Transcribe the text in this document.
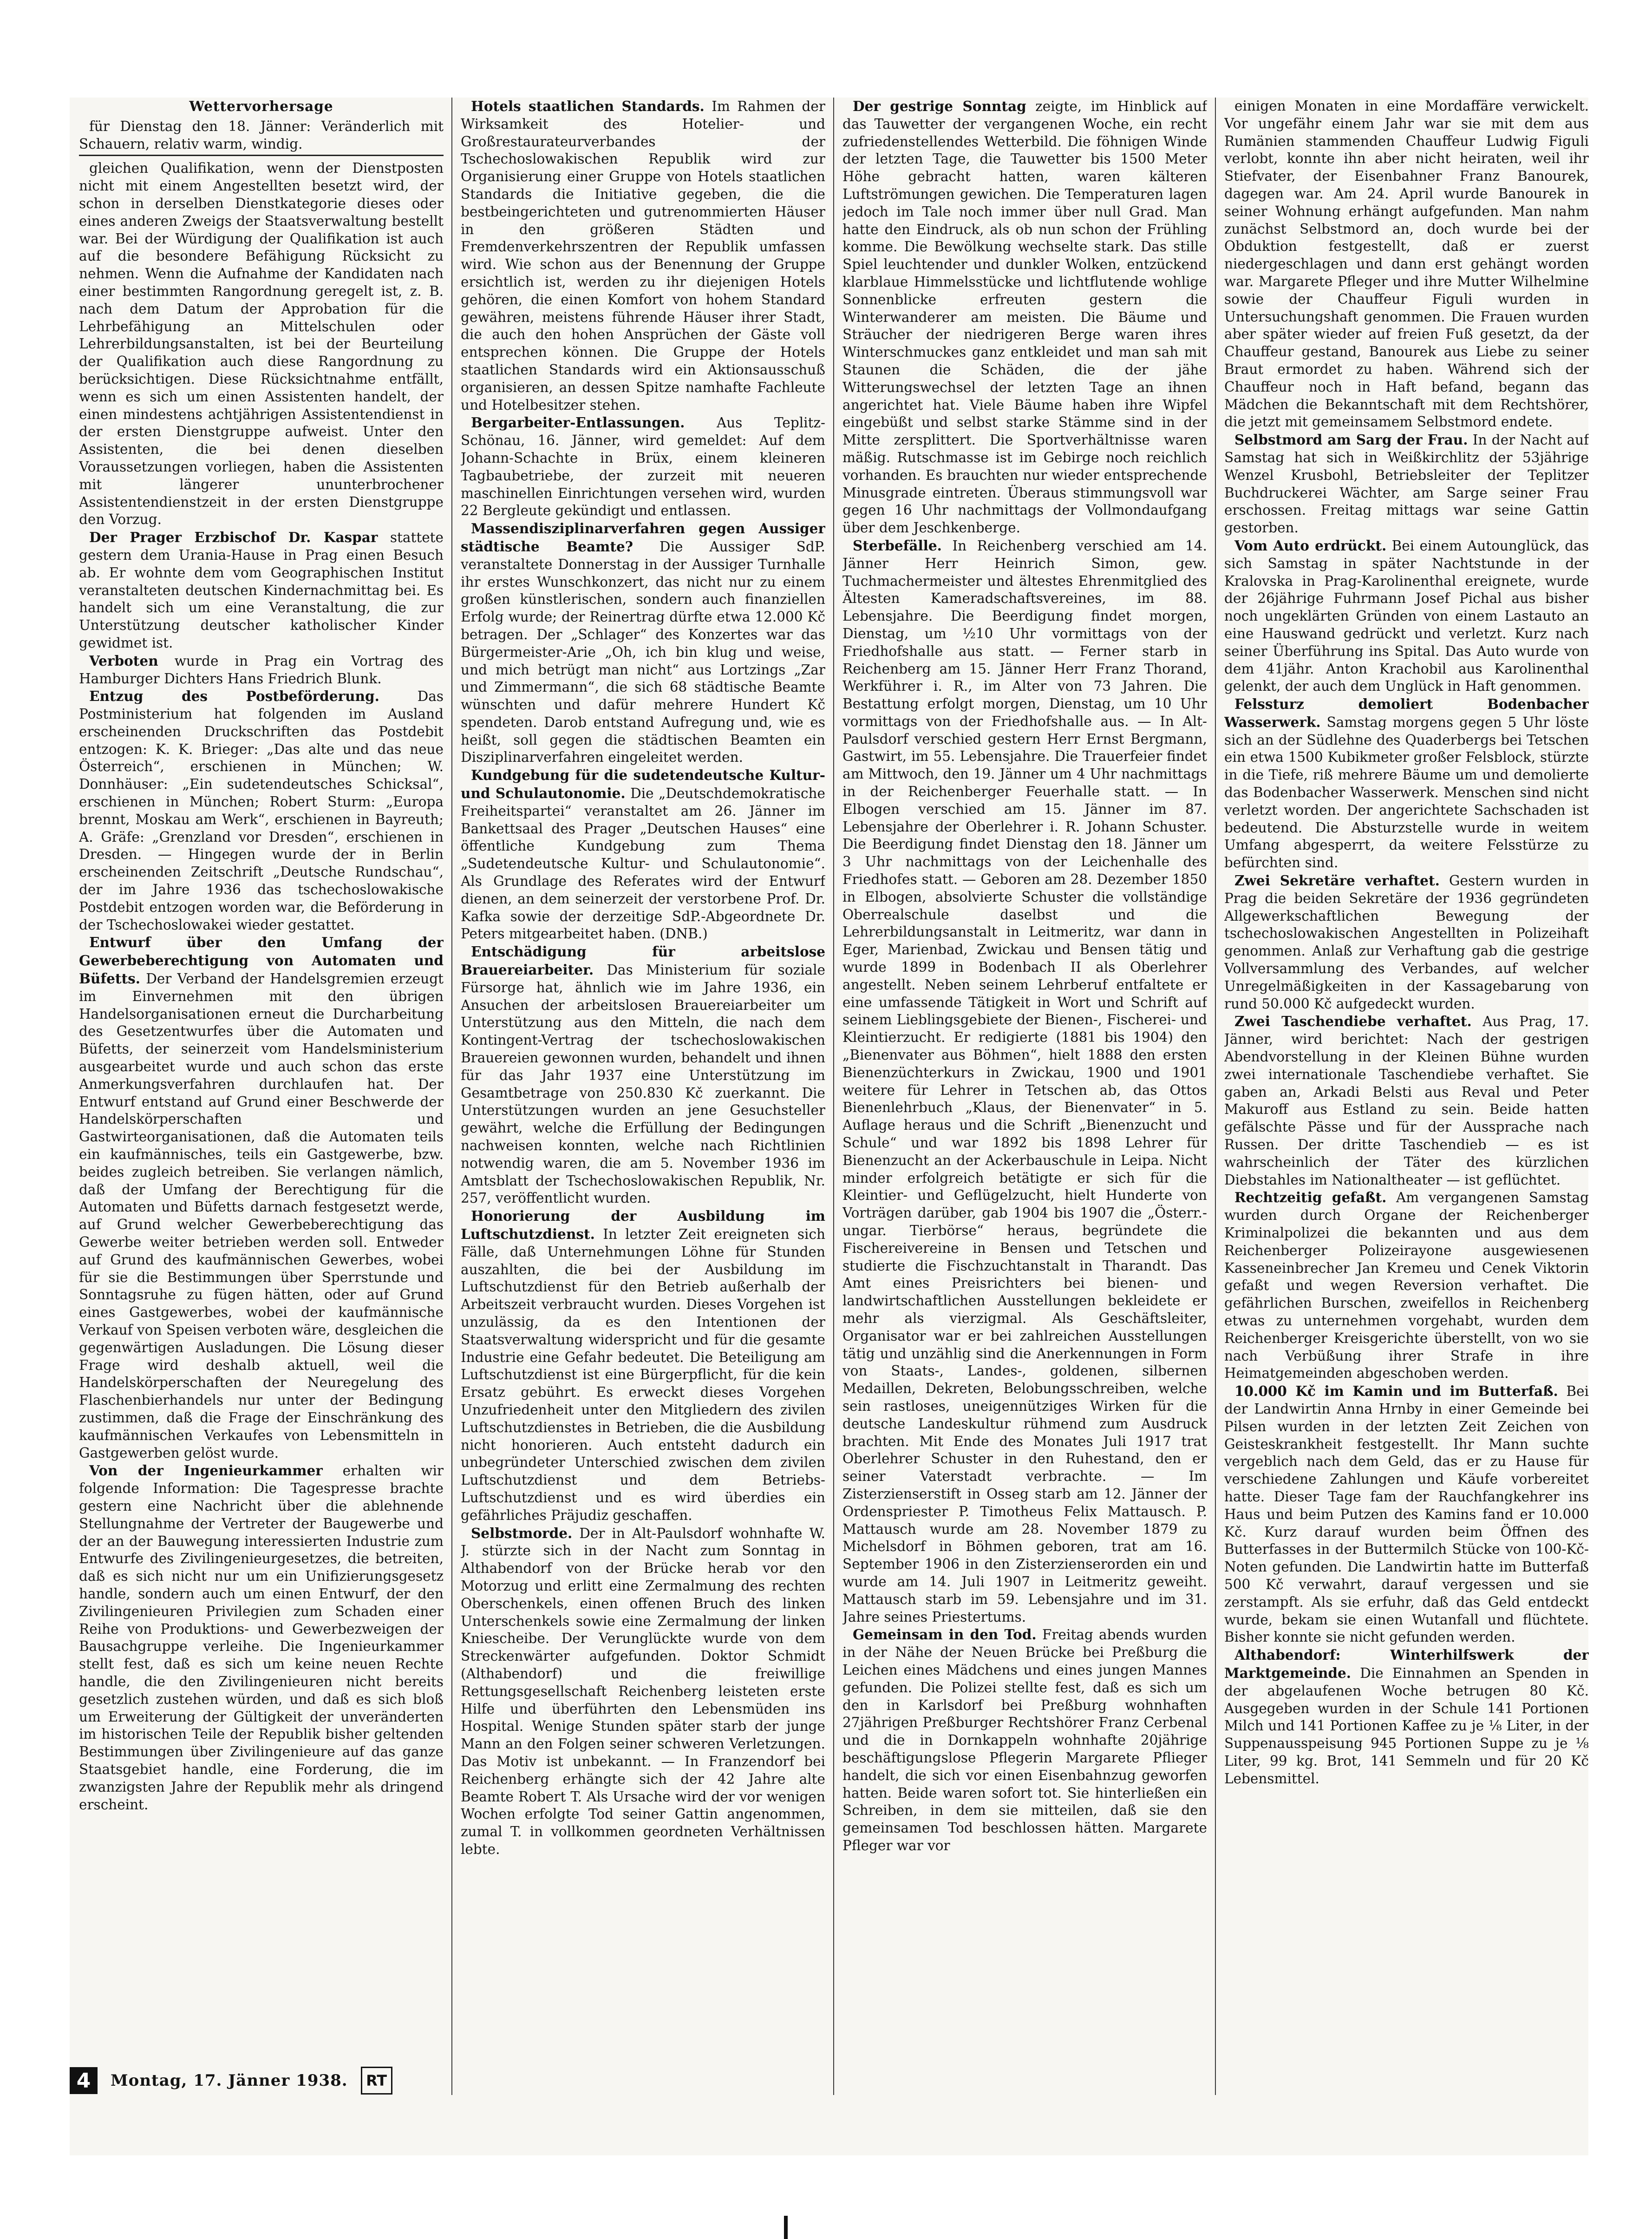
Wettervorhersage

für Dienstag den 18. Jänner: Veränderlich mit Schauern, relativ warm, windig.

gleichen Qualifikation, wenn der Dienstposten nicht mit einem Angestellten besetzt wird, der schon in derselben Dienstkategorie dieses oder eines anderen Zweigs der Staatsverwaltung bestellt war. Bei der Würdigung der Qualifikation ist auch auf die besondere Befähigung Rücksicht zu nehmen. Wenn die Aufnahme der Kandidaten nach einer bestimmten Rangordnung geregelt ist, z. B. nach dem Datum der Approbation für die Lehrbefähigung an Mittelschulen oder Lehrerbildungsanstalten, ist bei der Beurteilung der Qualifikation auch diese Rangordnung zu berücksichtigen. Diese Rücksichtnahme entfällt, wenn es sich um einen Assistenten handelt, der einen mindestens achtjährigen Assistentendienst in der ersten Dienstgruppe aufweist. Unter den Assistenten, die bei denen dieselben Voraussetzungen vorliegen, haben die Assistenten mit längerer ununterbrochener Assistentendienstzeit in der ersten Dienstgruppe den Vorzug.

Der Prager Erzbischof Dr. Kaspar stattete gestern dem Urania-Hause in Prag einen Besuch ab. Er wohnte dem vom Geographischen Institut veranstalteten deutschen Kindernachmittag bei. Es handelt sich um eine Veranstaltung, die zur Unterstützung deutscher katholischer Kinder gewidmet ist.

Verboten wurde in Prag ein Vortrag des Hamburger Dichters Hans Friedrich Blunk.

Entzug des Postbeförderung.	Das Postministerium hat folgenden im Ausland erscheinenden Druckschriften das Postdebit entzogen: K. K. Brieger: „Das alte und das neue Österreich“, erschienen in München; W. Donnhäuser: „Ein sudetendeutsches Schicksal“, erschienen in München; Robert Sturm: „Europa brennt, Moskau am Werk“, erschienen in Bayreuth; A. Gräfe: „Grenzland vor Dresden“, erschienen in Dresden. — Hingegen wurde der in Berlin erscheinenden Zeitschrift „Deutsche Rundschau“, der im Jahre 1936 das tschechoslowakische Postdebit entzogen worden war, die Beförderung in der Tschechoslowakei wieder gestattet.

Entwurf über den Umfang der Gewerbeberechtigung von Automaten und Büfetts. Der Verband der Handelsgremien erzeugt im Einvernehmen mit den übrigen Handelsorganisationen erneut die Durcharbeitung des Gesetzentwurfes über die Automaten und Büfetts, der seinerzeit vom Handelsministerium ausgearbeitet wurde und auch schon das erste Anmerkungsverfahren durchlaufen hat. Der Entwurf entstand auf Grund einer Beschwerde der Handelskörperschaften und Gastwirteorganisationen, daß die Automaten teils ein kaufmännisches, teils ein Gastgewerbe, bzw. beides zugleich betreiben. Sie verlangen nämlich, daß der Umfang der Berechtigung für die Automaten und Büfetts darnach festgesetzt werde, auf Grund welcher Gewerbeberechtigung das Gewerbe weiter betrieben werden soll. Entweder auf Grund des kaufmännischen Gewerbes, wobei für sie die Bestimmungen über Sperrstunde und Sonntagsruhe zu fügen hätten, oder auf Grund eines Gastgewerbes, wobei der kaufmännische Verkauf von Speisen verboten wäre, desgleichen die gegenwärtigen Ausladungen. Die Lösung dieser Frage wird deshalb aktuell, weil die Handelskörperschaften der Neuregelung des Flaschenbierhandels nur unter der Bedingung zustimmen, daß die Frage der Einschränkung des kaufmännischen Verkaufes von Lebensmitteln in Gastgewerben gelöst wurde.

Von der Ingenieurkammer erhalten wir folgende Information: Die Tagespresse brachte gestern eine Nachricht über die ablehnende Stellungnahme der Vertreter der Baugewerbe und der an der Bauwegung interessierten Industrie zum Entwurfe des Zivilingenieurgesetzes, die betreiten, daß es sich nicht nur um ein Unifizierungsgesetz handle, sondern auch um einen Entwurf, der den Zivilingenieuren Privilegien zum Schaden einer Reihe von Produktions- und Gewerbezweigen der Bausachgruppe verleihe. Die Ingenieurkammer stellt fest, daß es sich um keine neuen Rechte handle, die den Zivilingenieuren nicht bereits gesetzlich zustehen würden, und daß es sich bloß um Erweiterung der Gültigkeit der unveränderten im historischen Teile der Republik bisher geltenden Bestimmungen über Zivilingenieure auf das ganze Staatsgebiet handle, eine Forderung, die im zwanzigsten Jahre der Republik mehr als dringend erscheint.

Hotels staatlichen Standards. Im Rahmen der Wirksamkeit des Hotelier- und Großrestaurateurverbandes der Tschechoslowakischen Republik wird zur Organisierung einer Gruppe von Hotels staatlichen Standards die Initiative gegeben, die die bestbeingerichteten und gutrenommierten Häuser in den größeren Städten und Fremdenverkehrszentren der Republik umfassen wird. Wie schon aus der Benennung der Gruppe ersichtlich ist, werden zu ihr diejenigen Hotels gehören, die einen Komfort von hohem Standard gewähren, meistens führende Häuser ihrer Stadt, die auch den hohen Ansprüchen der Gäste voll entsprechen können. Die Gruppe der Hotels staatlichen Standards wird ein Aktionsausschuß organisieren, an dessen Spitze namhafte Fachleute und Hotelbesitzer stehen.

Bergarbeiter-Entlassungen. Aus Teplitz-Schönau, 16. Jänner, wird gemeldet: Auf dem Johann-Schachte in Brüx, einem kleineren Tagbaubetriebe, der zurzeit mit neueren maschinellen Einrichtungen versehen wird, wurden 22 Bergleute gekündigt und entlassen.

Massendisziplinarverfahren gegen Aussiger städtische Beamte? Die Aussiger SdP. veranstaltete Donnerstag in der Aussiger Turnhalle ihr erstes Wunschkonzert, das nicht nur zu einem großen künstlerischen, sondern auch finanziellen Erfolg wurde; der Reinertrag dürfte etwa 12.000 Kč betragen. Der „Schlager“ des Konzertes war das Bürgermeister-Arie „Oh, ich bin klug und weise, und mich betrügt man nicht“ aus Lortzings „Zar und Zimmermann“, die sich 68 städtische Beamte wünschten und dafür mehrere Hundert Kč spendeten. Darob entstand Aufregung und, wie es heißt, soll gegen die städtischen Beamten ein Disziplinarverfahren eingeleitet werden.

Kundgebung für die sudetendeutsche Kultur- und Schulautonomie. Die „Deutschdemokratische Freiheitspartei“ veranstaltet am 26. Jänner im Bankettsaal des Prager „Deutschen Hauses“ eine öffentliche Kundgebung zum Thema „Sudetendeutsche Kultur- und Schulautonomie“. Als Grundlage des Referates wird der Entwurf dienen, an dem seinerzeit der verstorbene Prof. Dr. Kafka sowie der derzeitige SdP.-Abgeordnete Dr. Peters mitgearbeitet haben. (DNB.)

Entschädigung für arbeitslose Brauereiarbeiter. Das Ministerium für soziale Fürsorge hat, ähnlich wie im Jahre 1936, ein Ansuchen der arbeitslosen Brauereiarbeiter um Unterstützung aus den Mitteln, die nach dem Kontingent-Vertrag der tschechoslowakischen Brauereien gewonnen wurden, behandelt und ihnen für das Jahr 1937 eine Unterstützung im Gesamtbetrage von 250.830 Kč zuerkannt. Die Unterstützungen wurden an jene Gesuchsteller gewährt, welche die Erfüllung der Bedingungen nachweisen konnten, welche nach Richtlinien notwendig waren, die am 5. November 1936 im Amtsblatt der Tschechoslowakischen Republik, Nr. 257, veröffentlicht wurden.

Honorierung der Ausbildung im Luftschutzdienst. In letzter Zeit ereigneten sich Fälle, daß Unternehmungen Löhne für Stunden auszahlten, die bei der Ausbildung im Luftschutzdienst für den Betrieb außerhalb der Arbeitszeit verbraucht wurden. Dieses Vorgehen ist unzulässig, da es den Intentionen der Staatsverwaltung widerspricht und für die gesamte Industrie eine Gefahr bedeutet. Die Beteiligung am Luftschutzdienst ist eine Bürgerpflicht, für die kein Ersatz gebührt. Es erweckt dieses Vorgehen Unzufriedenheit unter den Mitgliedern des zivilen Luftschutzdienstes in Betrieben, die die Ausbildung nicht honorieren. Auch entsteht dadurch ein unbegründeter Unterschied zwischen dem zivilen Luftschutzdienst und dem Betriebs-Luftschutzdienst und es wird überdies ein gefährliches Präjudiz geschaffen.

Selbstmorde. Der in Alt-Paulsdorf wohnhafte W. J. stürzte sich in der Nacht zum Sonntag in Althabendorf von der Brücke herab vor den Motorzug und erlitt eine Zermalmung des rechten Oberschenkels, einen offenen Bruch des linken Unterschenkels sowie eine Zermalmung der linken Kniescheibe. Der Verunglückte wurde von dem Streckenwärter aufgefunden. Doktor Schmidt (Althabendorf) und die freiwillige Rettungsgesellschaft Reichenberg leisteten erste Hilfe und überführten den Lebensmüden ins Hospital. Wenige Stunden später starb der junge Mann an den Folgen seiner schweren Verletzungen. Das Motiv ist unbekannt. — In Franzendorf bei Reichenberg erhängte sich der 42 Jahre alte Beamte Robert T. Als Ursache wird der vor wenigen Wochen erfolgte Tod seiner Gattin angenommen, zumal T. in vollkommen geordneten Verhältnissen lebte.

Der gestrige Sonntag zeigte, im Hinblick auf das Tauwetter der vergangenen Woche, ein recht zufriedenstellendes Wetterbild. Die föhnigen Winde der letzten Tage, die Tauwetter bis 1500 Meter Höhe gebracht hatten, waren kälteren Luftströmungen gewichen. Die Temperaturen lagen jedoch im Tale noch immer über null Grad. Man hatte den Eindruck, als ob nun schon der Frühling komme. Die Bewölkung wechselte stark. Das stille Spiel leuchtender und dunkler Wolken, entzückend klarblaue Himmelsstücke und lichtflutende wohlige Sonnenblicke erfreuten gestern die Winterwanderer am meisten. Die Bäume und Sträucher der niedrigeren Berge waren ihres Winterschmuckes ganz entkleidet und man sah mit Staunen die Schäden, die der jähe Witterungswechsel der letzten Tage an ihnen angerichtet hat. Viele Bäume haben ihre Wipfel eingebüßt und selbst starke Stämme sind in der Mitte zersplittert. Die Sportverhältnisse waren mäßig. Rutschmasse ist im Gebirge noch reichlich vorhanden. Es brauchten nur wieder entsprechende Minusgrade eintreten. Überaus stimmungsvoll war gegen 16 Uhr nachmittags der Vollmondaufgang über dem Jeschkenberge.

Sterbefälle. In Reichenberg verschied am 14. Jänner Herr Heinrich Simon, gew. Tuchmachermeister und ältestes Ehrenmitglied des Ältesten Kameradschaftsvereines, im 88. Lebensjahre. Die Beerdigung findet morgen, Dienstag, um ½10 Uhr vormittags von der Friedhofshalle aus statt. — Ferner starb in Reichenberg am 15. Jänner Herr Franz Thorand, Werkführer i. R., im Alter von 73 Jahren. Die Bestattung erfolgt morgen, Dienstag, um 10 Uhr vormittags von der Friedhofshalle aus. — In Alt-Paulsdorf verschied gestern Herr Ernst Bergmann, Gastwirt, im 55. Lebensjahre. Die Trauerfeier findet am Mittwoch, den 19. Jänner um 4 Uhr nachmittags in der Reichenberger Feuerhalle statt. — In Elbogen verschied am 15. Jänner im 87. Lebensjahre der Oberlehrer i. R. Johann Schuster. Die Beerdigung findet Dienstag den 18. Jänner um 3 Uhr nachmittags von der Leichenhalle des Friedhofes statt. — Geboren am 28. Dezember 1850 in Elbogen, absolvierte Schuster die vollständige Oberrealschule daselbst und die Lehrerbildungsanstalt in Leitmeritz, war dann in Eger, Marienbad, Zwickau und Bensen tätig und wurde 1899 in Bodenbach II als Oberlehrer angestellt. Neben seinem Lehrberuf entfaltete er eine umfassende Tätigkeit in Wort und Schrift auf seinem Lieblingsgebiete der Bienen-, Fischerei- und Kleintierzucht. Er redigierte (1881 bis 1904) den „Bienenvater aus Böhmen“, hielt 1888 den ersten Bienenzüchterkurs in Zwickau, 1900 und 1901 weitere für Lehrer in Tetschen ab, das Ottos Bienenlehrbuch „Klaus, der Bienenvater“ in 5. Auflage heraus und die Schrift „Bienenzucht und Schule“ und war 1892 bis 1898 Lehrer für Bienenzucht an der Ackerbauschule in Leipa. Nicht minder erfolgreich betätigte er sich für die Kleintier- und Geflügelzucht, hielt Hunderte von Vorträgen darüber, gab 1904 bis 1907 die „Österr.-ungar. Tierbörse“ heraus, begründete die Fischereivereine in Bensen und Tetschen und studierte die Fischzuchtanstalt in Tharandt. Das Amt eines Preisrichters bei bienen- und landwirtschaftlichen Ausstellungen bekleidete er mehr als vierzigmal. Als Geschäftsleiter, Organisator war er bei zahlreichen Ausstellungen tätig und unzählig sind die Anerkennungen in Form von Staats-, Landes-, goldenen, silbernen Medaillen, Dekreten, Belobungsschreiben, welche sein rastloses, uneigennütziges Wirken für die deutsche Landeskultur rühmend zum Ausdruck brachten. Mit Ende des Monates Juli 1917 trat Oberlehrer Schuster in den Ruhestand, den er seiner Vaterstadt verbrachte. — Im Zisterzienserstift in Osseg starb am 12. Jänner der Ordenspriester P. Timotheus Felix Mattausch. P. Mattausch wurde am 28. November 1879 zu Michelsdorf in Böhmen geboren, trat am 16. September 1906 in den Zisterzienserorden ein und wurde am 14. Juli 1907 in Leitmeritz geweiht. Mattausch starb im 59. Lebensjahre und im 31. Jahre seines Priestertums.

Gemeinsam in den Tod. Freitag abends wurden in der Nähe der Neuen Brücke bei Preßburg die Leichen eines Mädchens und eines jungen Mannes gefunden. Die Polizei stellte fest, daß es sich um den in Karlsdorf bei Preßburg wohnhaften 27jährigen Preßburger Rechtshörer Franz Cerbenal und die in Dornkappeln wohnhafte 20jährige beschäftigungslose Pflegerin Margarete Pflieger handelt, die sich vor einen Eisenbahnzug geworfen hatten. Beide waren sofort tot. Sie hinterließen ein Schreiben, in dem sie mitteilen, daß sie den gemeinsamen Tod beschlossen hätten. Margarete Pfleger war vor

einigen Monaten in eine Mordaffäre verwickelt. Vor ungefähr einem Jahr war sie mit dem aus Rumänien stammenden Chauffeur Ludwig Figuli verlobt, konnte ihn aber nicht heiraten, weil ihr Stiefvater, der Eisenbahner Franz Banourek, dagegen war. Am 24. April wurde Banourek in seiner Wohnung erhängt aufgefunden. Man nahm zunächst Selbstmord an, doch wurde bei der Obduktion festgestellt, daß er zuerst niedergeschlagen und dann erst gehängt worden war. Margarete Pfleger und ihre Mutter Wilhelmine sowie der Chauffeur Figuli wurden in Untersuchungshaft genommen. Die Frauen wurden aber später wieder auf freien Fuß gesetzt, da der Chauffeur gestand, Banourek aus Liebe zu seiner Braut ermordet zu haben. Während sich der Chauffeur noch in Haft befand, begann das Mädchen die Bekanntschaft mit dem Rechtshörer, die jetzt mit gemeinsamem Selbstmord endete.

Selbstmord am Sarg der Frau. In der Nacht auf Samstag hat sich in Weißkirchlitz der 53jährige Wenzel Krusbohl, Betriebsleiter der Teplitzer Buchdruckerei Wächter, am Sarge seiner Frau erschossen. Freitag mittags war seine Gattin gestorben.

Vom Auto erdrückt. Bei einem Autounglück, das sich Samstag in später Nachtstunde in der Kralovska in Prag-Karolinenthal ereignete, wurde der 26jährige Fuhrmann Josef Pichal aus bisher noch ungeklärten Gründen von einem Lastauto an eine Hauswand gedrückt und verletzt. Kurz nach seiner Überführung ins Spital. Das Auto wurde von dem 41jähr. Anton Krachobil aus Karolinenthal gelenkt, der auch dem Unglück in Haft genommen.

Felssturz demoliert Bodenbacher Wasserwerk. Samstag morgens gegen 5 Uhr löste sich an der Südlehne des Quaderbergs bei Tetschen ein etwa 1500 Kubikmeter großer Felsblock, stürzte in die Tiefe, riß mehrere Bäume um und demolierte das Bodenbacher Wasserwerk. Menschen sind nicht verletzt worden. Der angerichtete Sachschaden ist bedeutend. Die Absturzstelle wurde in weitem Umfang abgesperrt, da weitere Felsstürze zu befürchten sind.

Zwei Sekretäre verhaftet. Gestern wurden in Prag die beiden Sekretäre der 1936 gegründeten Allgewerkschaftlichen Bewegung der tschechoslowakischen Angestellten in Polizeihaft genommen. Anlaß zur Verhaftung gab die gestrige Vollversammlung des Verbandes, auf welcher Unregelmäßigkeiten in der Kassagebarung von rund 50.000 Kč aufgedeckt wurden.

Zwei Taschendiebe verhaftet. Aus Prag, 17. Jänner, wird berichtet: Nach der gestrigen Abendvorstellung in der Kleinen Bühne wurden zwei internationale Taschendiebe verhaftet. Sie gaben an, Arkadi Belsti aus Reval und Peter Makuroff aus Estland zu sein. Beide hatten gefälschte Pässe und für der Aussprache nach Russen. Der dritte Taschendieb — es ist wahrscheinlich der Täter des kürzlichen Diebstahles im Nationaltheater — ist geflüchtet.

Rechtzeitig gefaßt. Am vergangenen Samstag wurden durch Organe der Reichenberger Kriminalpolizei die bekannten und aus dem Reichenberger Polizeirayone ausgewiesenen Kasseneinbrecher Jan Kremeu und Cenek Viktorin gefaßt und wegen Reversion verhaftet. Die gefährlichen Burschen, zweifellos in Reichenberg etwas zu unternehmen vorgehabt, wurden dem Reichenberger Kreisgerichte überstellt, von wo sie nach Verbüßung ihrer Strafe in ihre Heimatgemeinden abgeschoben werden.

10.000 Kč im Kamin und im Butterfaß. Bei der Landwirtin Anna Hrnby in einer Gemeinde bei Pilsen wurden in der letzten Zeit Zeichen von Geisteskrankheit festgestellt. Ihr Mann suchte vergeblich nach dem Geld, das er zu Hause für verschiedene Zahlungen und Käufe vorbereitet hatte. Dieser Tage fam der Rauchfangkehrer ins Haus und beim Putzen des Kamins fand er 10.000 Kč. Kurz darauf wurden beim Öffnen des Butterfasses in der Buttermilch Stücke von 100-Kč-Noten gefunden. Die Landwirtin hatte im Butterfaß 500 Kč verwahrt, darauf vergessen und sie zerstampft. Als sie erfuhr, daß das Geld entdeckt wurde, bekam sie einen Wutanfall und flüchtete. Bisher konnte sie nicht gefunden werden.

Althabendorf: Winterhilfswerk der Marktgemeinde. Die Einnahmen an Spenden in der abgelaufenen Woche betrugen 80 Kč. Ausgegeben wurden in der Schule 141 Portionen Milch und 141 Portionen Kaffee zu je ⅛ Liter, in der Suppenausspeisung 945 Portionen Suppe zu je ⅛ Liter, 99 kg. Brot, 141 Semmeln und für 20 Kč Lebensmittel.

4	Montag, 17. Jänner 1938.	RT
